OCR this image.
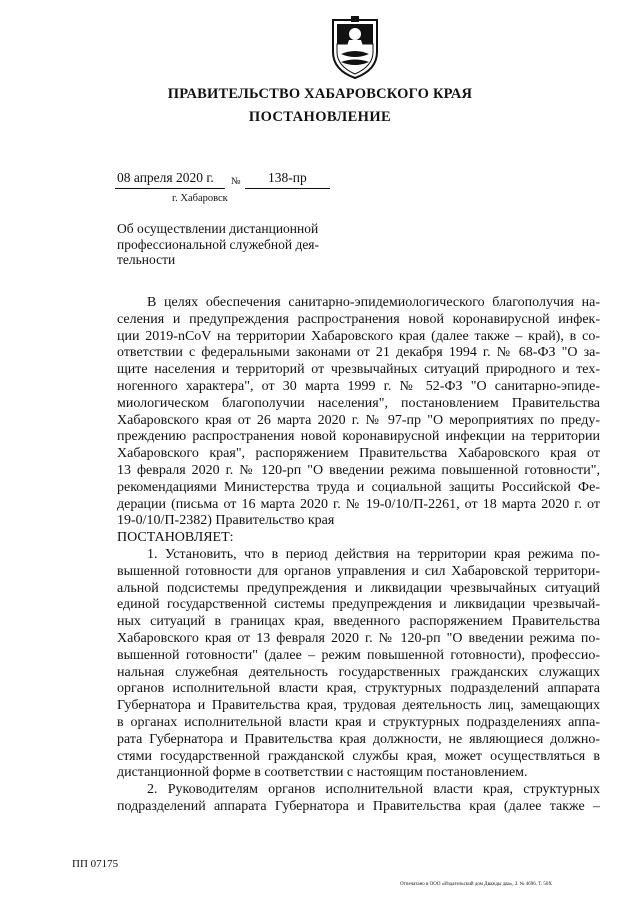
ПРАВИТЕЛЬСТВО ХАБАРОВСКОГО КРАЯ
ПОСТАНОВЛЕНИЕ
08 апреля 2020 г. № 138-пр
г. Хабаровск
Об осуществлении дистанционной
профессиональной служебной дея-
тельности
В целях обеспечения санитарно-эпидемиологического благополучия на-
селения и предупреждения распространения новой коронавирусной инфек-
ции 2019-nCoV на территории Хабаровского края (далее также – край), в со-
ответствии с федеральными законами от 21 декабря 1994 г. № 68-ФЗ "О за-
щите населения и территорий от чрезвычайных ситуаций природного и тех-
ногенного характера", от 30 марта 1999 г. № 52-ФЗ "О санитарно-эпиде-
миологическом благополучии населения", постановлением Правительства
Хабаровского края от 26 марта 2020 г. № 97-пр "О мероприятиях по преду-
преждению распространения новой коронавирусной инфекции на территории
Хабаровского края", распоряжением Правительства Хабаровского края от
13 февраля 2020 г. № 120-рп "О введении режима повышенной готовности",
рекомендациями Министерства труда и социальной защиты Российской Фе-
дерации (письма от 16 марта 2020 г. № 19-0/10/П-2261, от 18 марта 2020 г. от
19-0/10/П-2382) Правительство края
ПОСТАНОВЛЯЕТ:
1. Установить, что в период действия на территории края режима по-
вышенной готовности для органов управления и сил Хабаровской территори-
альной подсистемы предупреждения и ликвидации чрезвычайных ситуаций
единой государственной системы предупреждения и ликвидации чрезвычай-
ных ситуаций в границах края, введенного распоряжением Правительства
Хабаровского края от 13 февраля 2020 г. № 120-рп "О введении режима по-
вышенной готовности" (далее – режим повышенной готовности), профессио-
нальная служебная деятельность государственных гражданских служащих
органов исполнительной власти края, структурных подразделений аппарата
Губернатора и Правительства края, трудовая деятельность лиц, замещающих
в органах исполнительной власти края и структурных подразделениях аппа-
рата Губернатора и Правительства края должности, не являющиеся должно-
стями государственной гражданской службы края, может осуществляться в
дистанционной форме в соответствии с настоящим постановлением.
2. Руководителям органов исполнительной власти края, структурных
подразделений аппарата Губернатора и Правительства края (далее также –
ПП 07175
Отпечатано в ООО «Издательский дом Дважды два», З. № 4696. Т. 50Х
